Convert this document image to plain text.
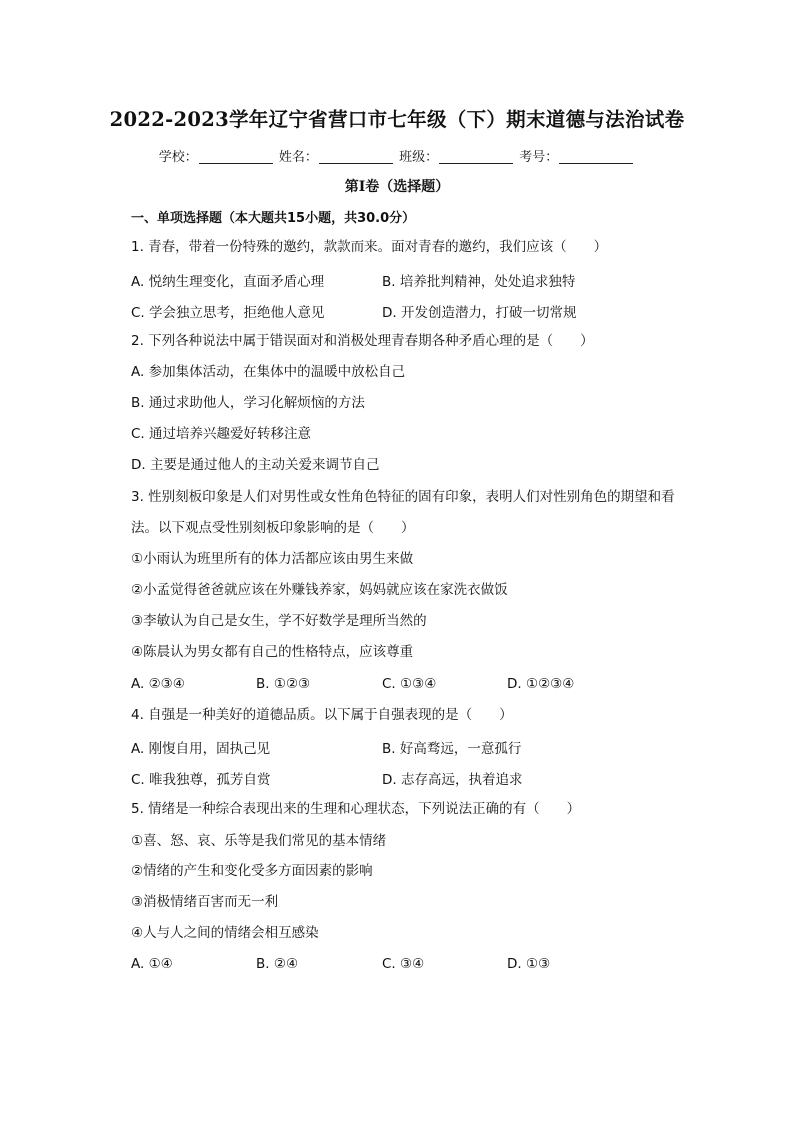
2022-2023学年辽宁省营口市七年级（下）期末道德与法治试卷
学校：	姓名：	班级：	考号：
第I卷（选择题）
一、单项选择题（本大题共15小题，共30.0分）
1. 青春，带着一份特殊的邀约，款款而来。面对青春的邀约，我们应该（　　）
A. 悦纳生理变化，直面矛盾心理	B. 培养批判精神，处处追求独特
C. 学会独立思考，拒绝他人意见	D. 开发创造潜力，打破一切常规
2. 下列各种说法中属于错误面对和消极处理青春期各种矛盾心理的是（　　）
A. 参加集体活动，在集体中的温暖中放松自己
B. 通过求助他人，学习化解烦恼的方法
C. 通过培养兴趣爱好转移注意
D. 主要是通过他人的主动关爱来调节自己
3. 性别刻板印象是人们对男性或女性角色特征的固有印象，表明人们对性别角色的期望和看法。以下观点受性别刻板印象影响的是（　　）
①小雨认为班里所有的体力活都应该由男生来做
②小孟觉得爸爸就应该在外赚钱养家，妈妈就应该在家洗衣做饭
③李敏认为自己是女生，学不好数学是理所当然的
④陈晨认为男女都有自己的性格特点，应该尊重
A. ②③④	B. ①②③	C. ①③④	D. ①②③④
4. 自强是一种美好的道德品质。以下属于自强表现的是（　　）
A. 刚愎自用，固执己见	B. 好高骛远，一意孤行
C. 唯我独尊，孤芳自赏	D. 志存高远，执着追求
5. 情绪是一种综合表现出来的生理和心理状态，下列说法正确的有（　　）
①喜、怒、哀、乐等是我们常见的基本情绪
②情绪的产生和变化受多方面因素的影响
③消极情绪百害而无一利
④人与人之间的情绪会相互感染
A. ①④	B. ②④	C. ③④	D. ①③
